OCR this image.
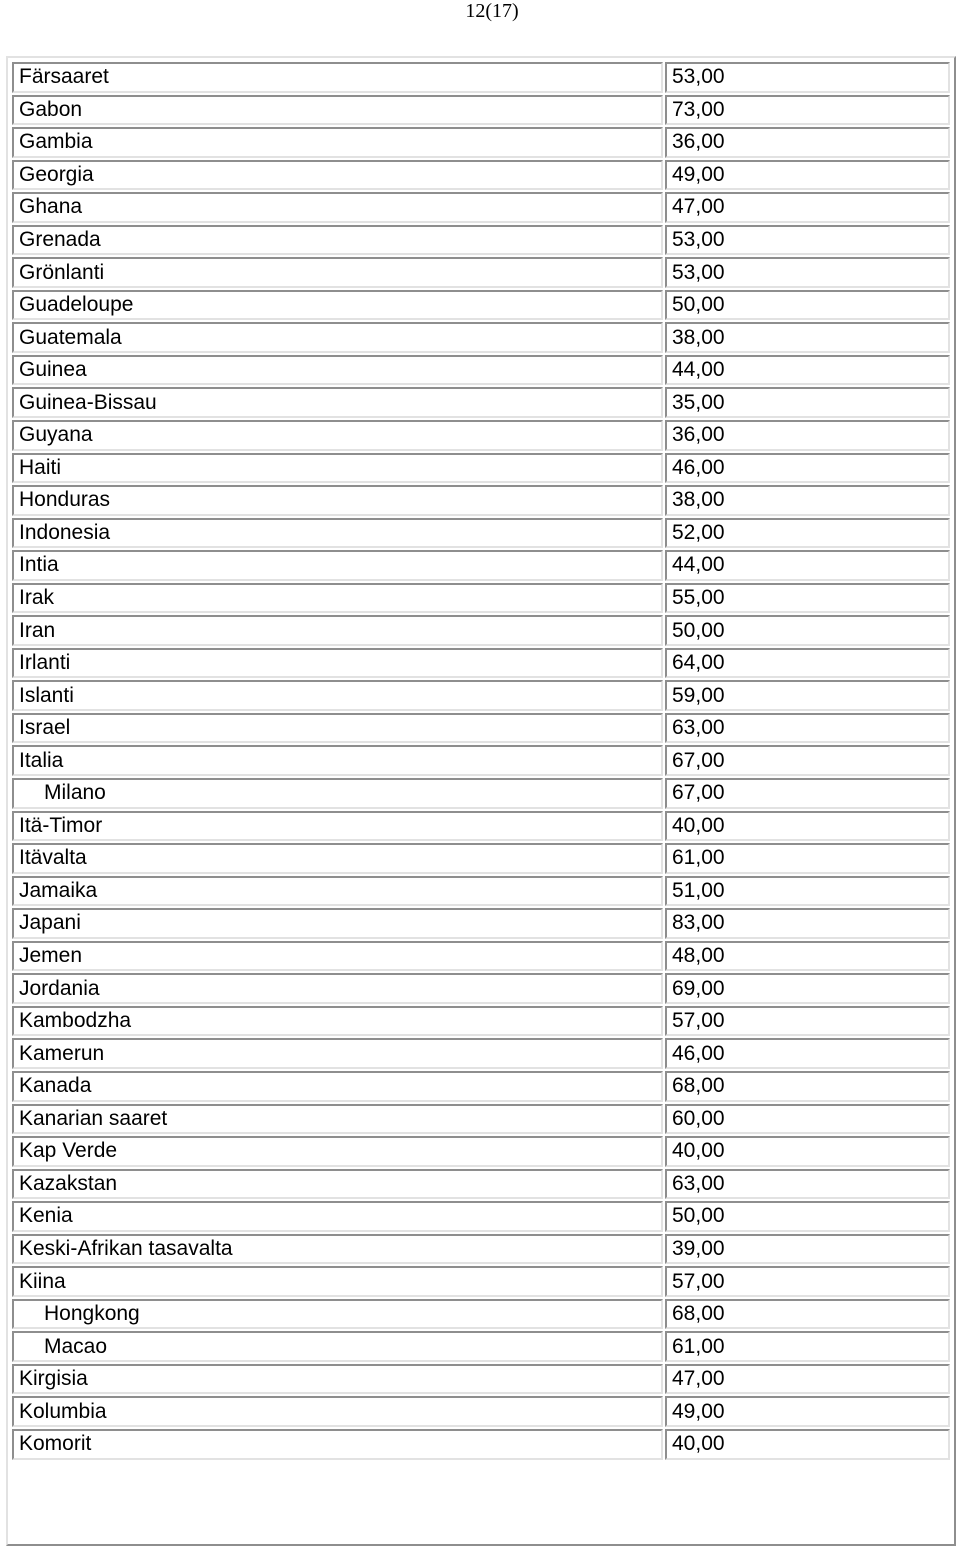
12(17)
Färsaaret	53,00
Gabon	73,00
Gambia	36,00
Georgia	49,00
Ghana	47,00
Grenada	53,00
Grönlanti	53,00
Guadeloupe	50,00
Guatemala	38,00
Guinea	44,00
Guinea-Bissau	35,00
Guyana	36,00
Haiti	46,00
Honduras	38,00
Indonesia	52,00
Intia	44,00
Irak	55,00
Iran	50,00
Irlanti	64,00
Islanti	59,00
Israel	63,00
Italia	67,00
Milano	67,00
Itä-Timor	40,00
Itävalta	61,00
Jamaika	51,00
Japani	83,00
Jemen	48,00
Jordania	69,00
Kambodzha	57,00
Kamerun	46,00
Kanada	68,00
Kanarian saaret	60,00
Kap Verde	40,00
Kazakstan	63,00
Kenia	50,00
Keski-Afrikan tasavalta	39,00
Kiina	57,00
Hongkong	68,00
Macao	61,00
Kirgisia	47,00
Kolumbia	49,00
Komorit	40,00
